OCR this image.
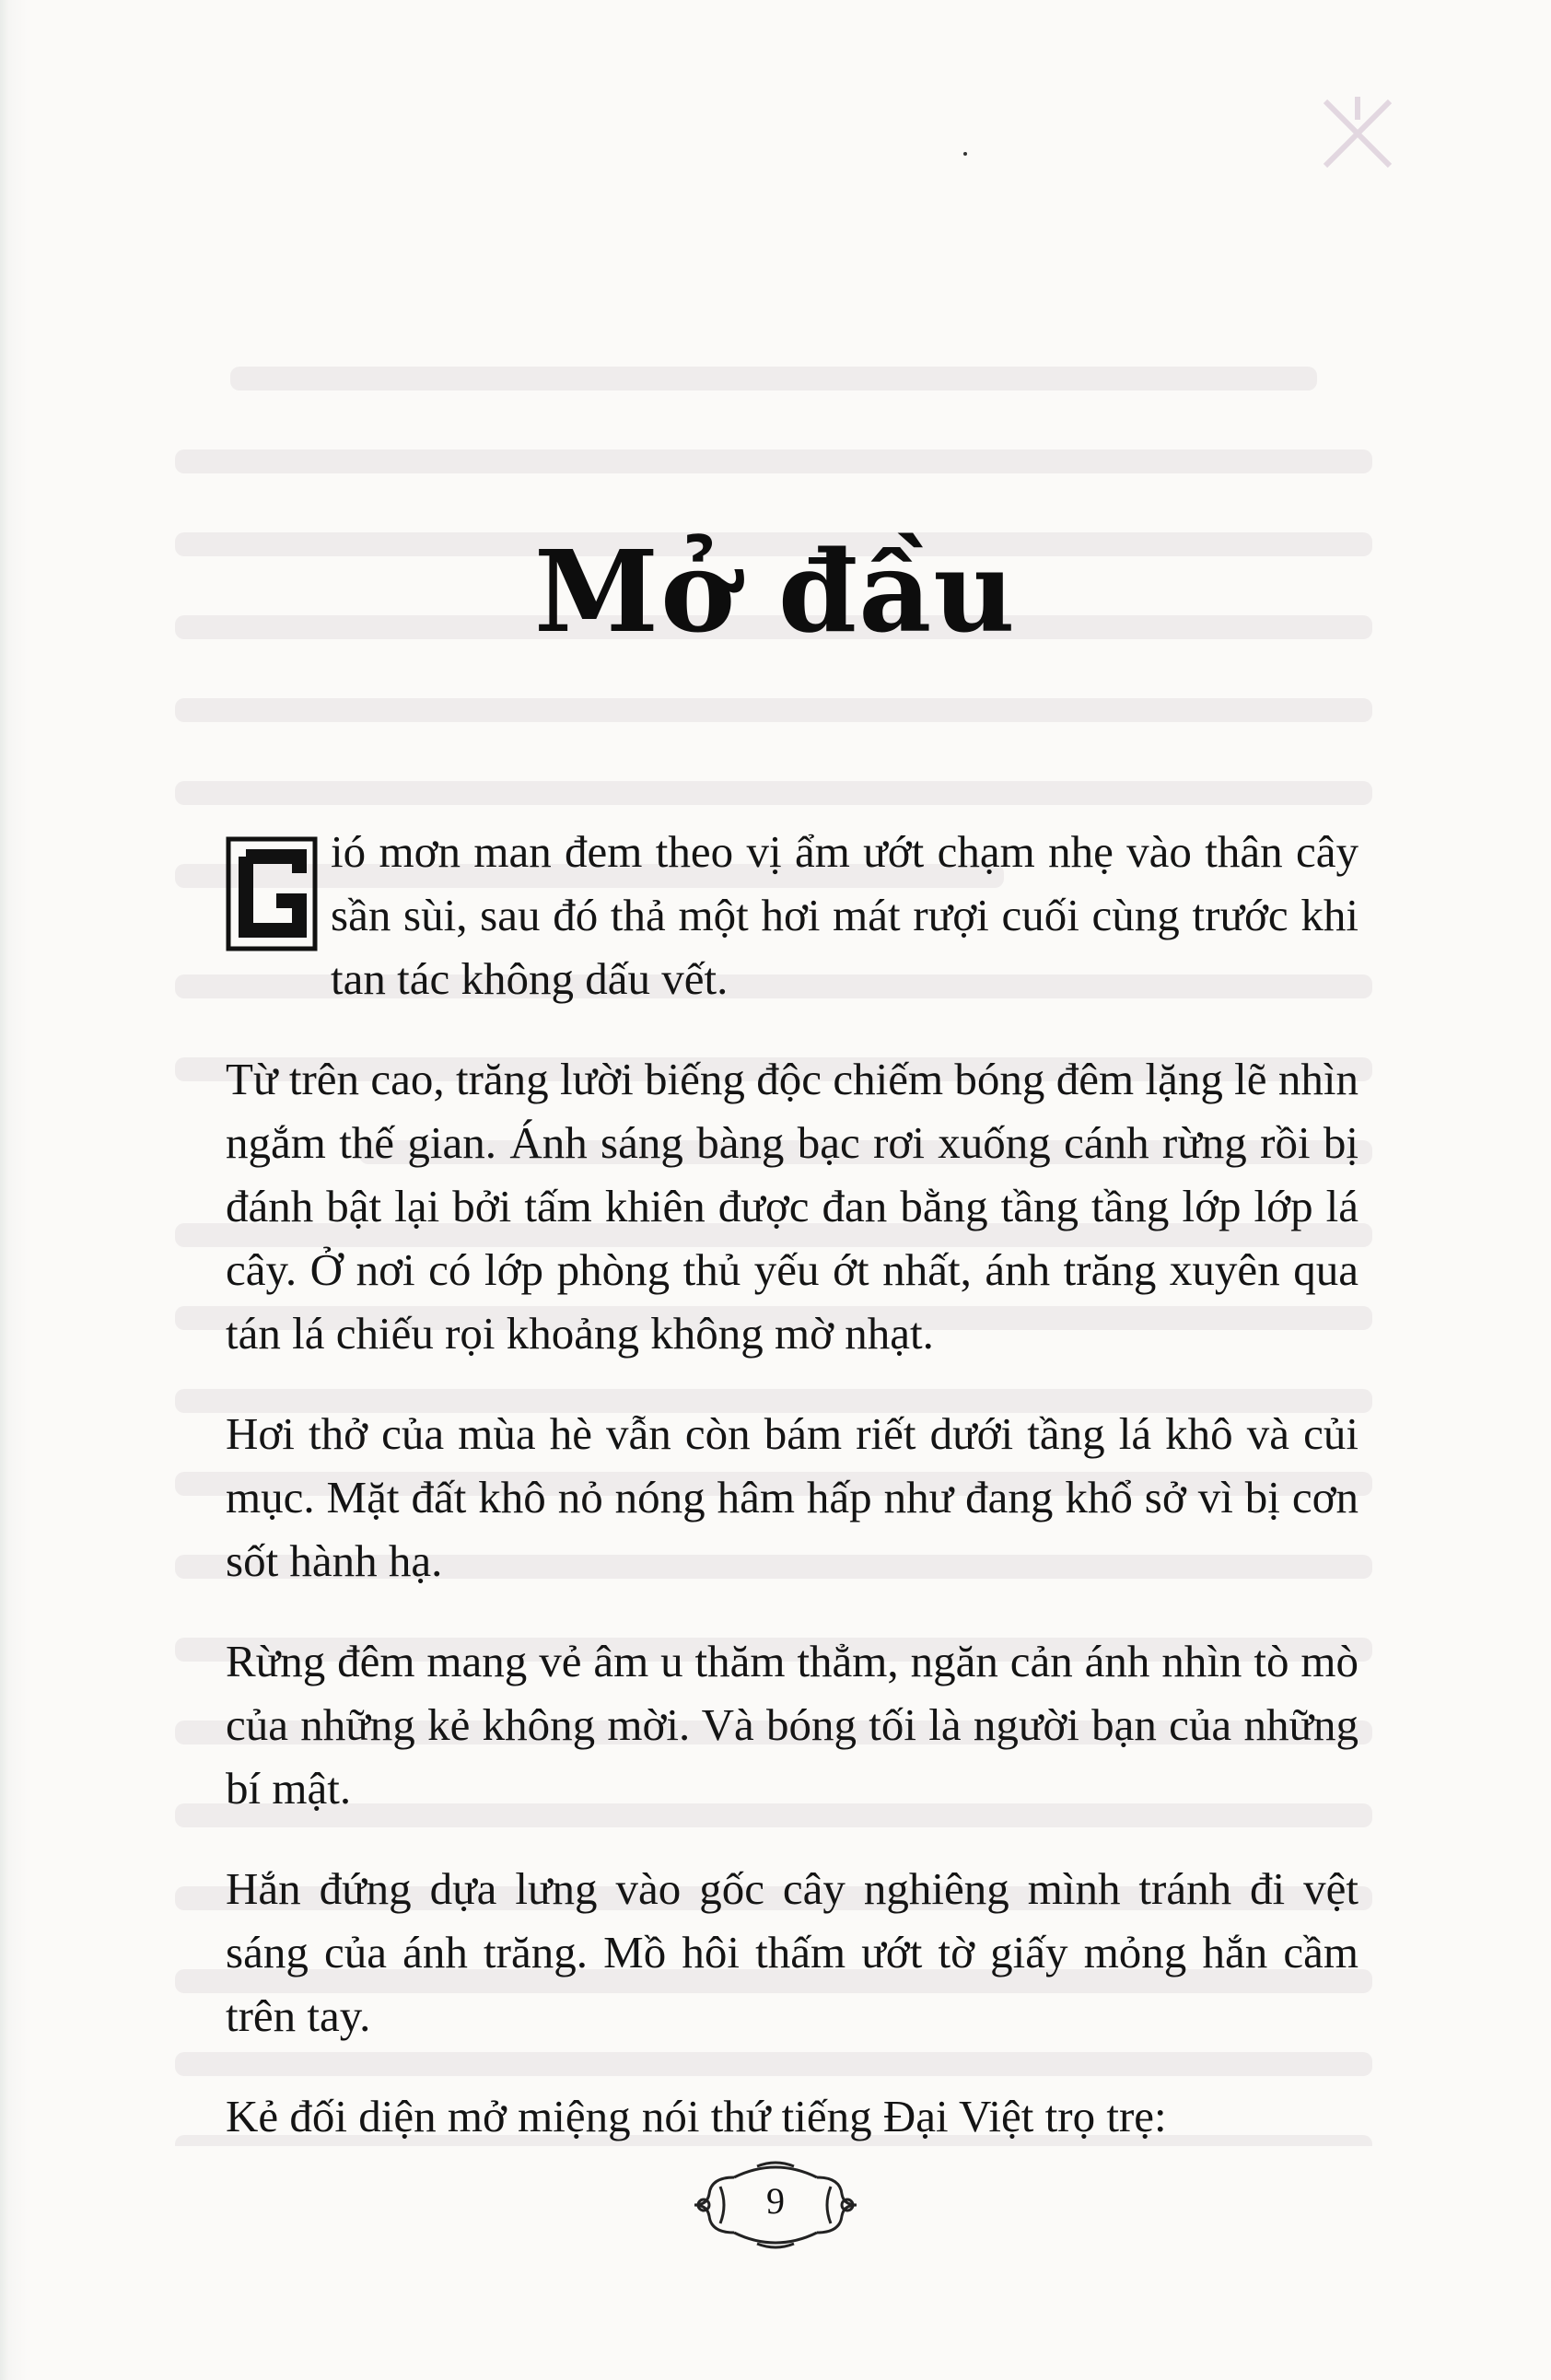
Mở đầu

G
ió mơn man đem theo vị ẩm ướt chạm nhẹ vào thân cây sần sùi, sau đó thả một hơi mát rượi cuối cùng trước khi tan tác không dấu vết.

Từ trên cao, trăng lười biếng độc chiếm bóng đêm lặng lẽ nhìn ngắm thế gian. Ánh sáng bàng bạc rơi xuống cánh rừng rồi bị đánh bật lại bởi tấm khiên được đan bằng tầng tầng lớp lớp lá cây. Ở nơi có lớp phòng thủ yếu ớt nhất, ánh trăng xuyên qua tán lá chiếu rọi khoảng không mờ nhạt.

Hơi thở của mùa hè vẫn còn bám riết dưới tầng lá khô và củi mục. Mặt đất khô nỏ nóng hâm hấp như đang khổ sở vì bị cơn sốt hành hạ.

Rừng đêm mang vẻ âm u thăm thẳm, ngăn cản ánh nhìn tò mò của những kẻ không mời. Và bóng tối là người bạn của những bí mật.

Hắn đứng dựa lưng vào gốc cây nghiêng mình tránh đi vệt sáng của ánh trăng. Mồ hôi thấm ướt tờ giấy mỏng hắn cầm trên tay.

Kẻ đối diện mở miệng nói thứ tiếng Đại Việt trọ trẹ:

9
